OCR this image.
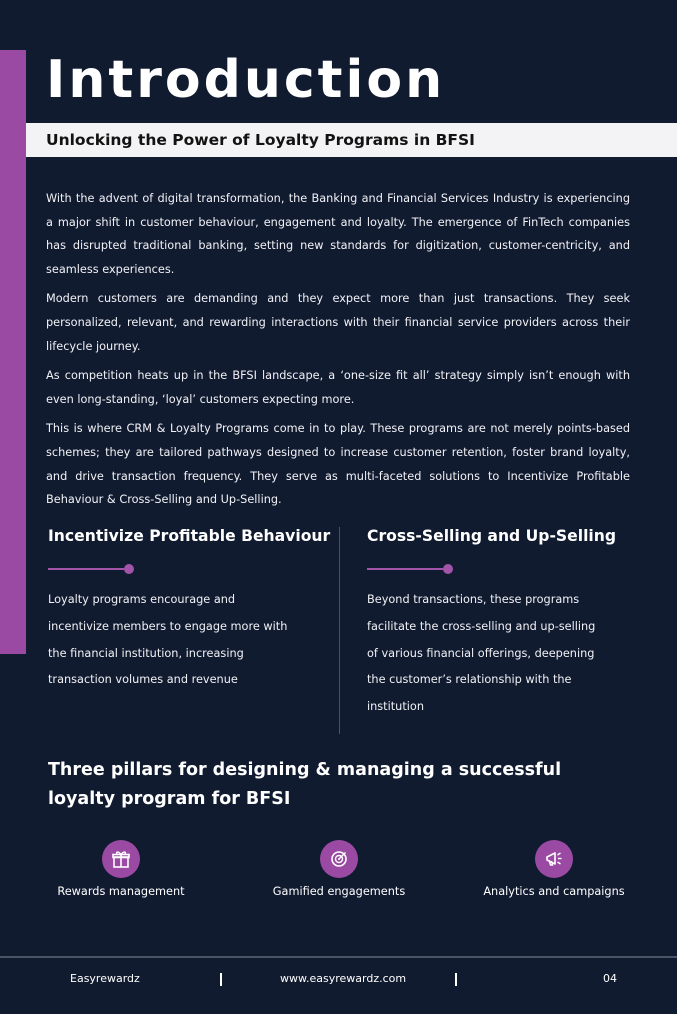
Introduction
Unlocking the Power of Loyalty Programs in BFSI

With the advent of digital transformation, the Banking and Financial Services Industry is experiencing a major shift in customer behaviour, engagement and loyalty. The emergence of FinTech companies has disrupted traditional banking, setting new standards for digitization, customer-centricity, and seamless experiences.

Modern customers are demanding and they expect more than just transactions. They seek personalized, relevant, and rewarding interactions with their financial service providers across their lifecycle journey.

As competition heats up in the BFSI landscape, a ‘one-size fit all’ strategy simply isn’t enough with even long-standing, ‘loyal’ customers expecting more.

This is where CRM & Loyalty Programs come in to play. These programs are not merely points-based schemes; they are tailored pathways designed to increase customer retention, foster brand loyalty, and drive transaction frequency. They serve as multi-faceted solutions to Incentivize Profitable Behaviour & Cross-Selling and Up-Selling.

Incentivize Profitable Behaviour

Loyalty programs encourage and incentivize members to engage more with the financial institution, increasing transaction volumes and revenue

Cross-Selling and Up-Selling

Beyond transactions, these programs facilitate the cross-selling and up-selling of various financial offerings, deepening the customer’s relationship with the institution

Three pillars for designing & managing a successful loyalty program for BFSI
Rewards management	Gamified engagements	Analytics and campaigns
Easyrewardz	www.easyrewardz.com	04
